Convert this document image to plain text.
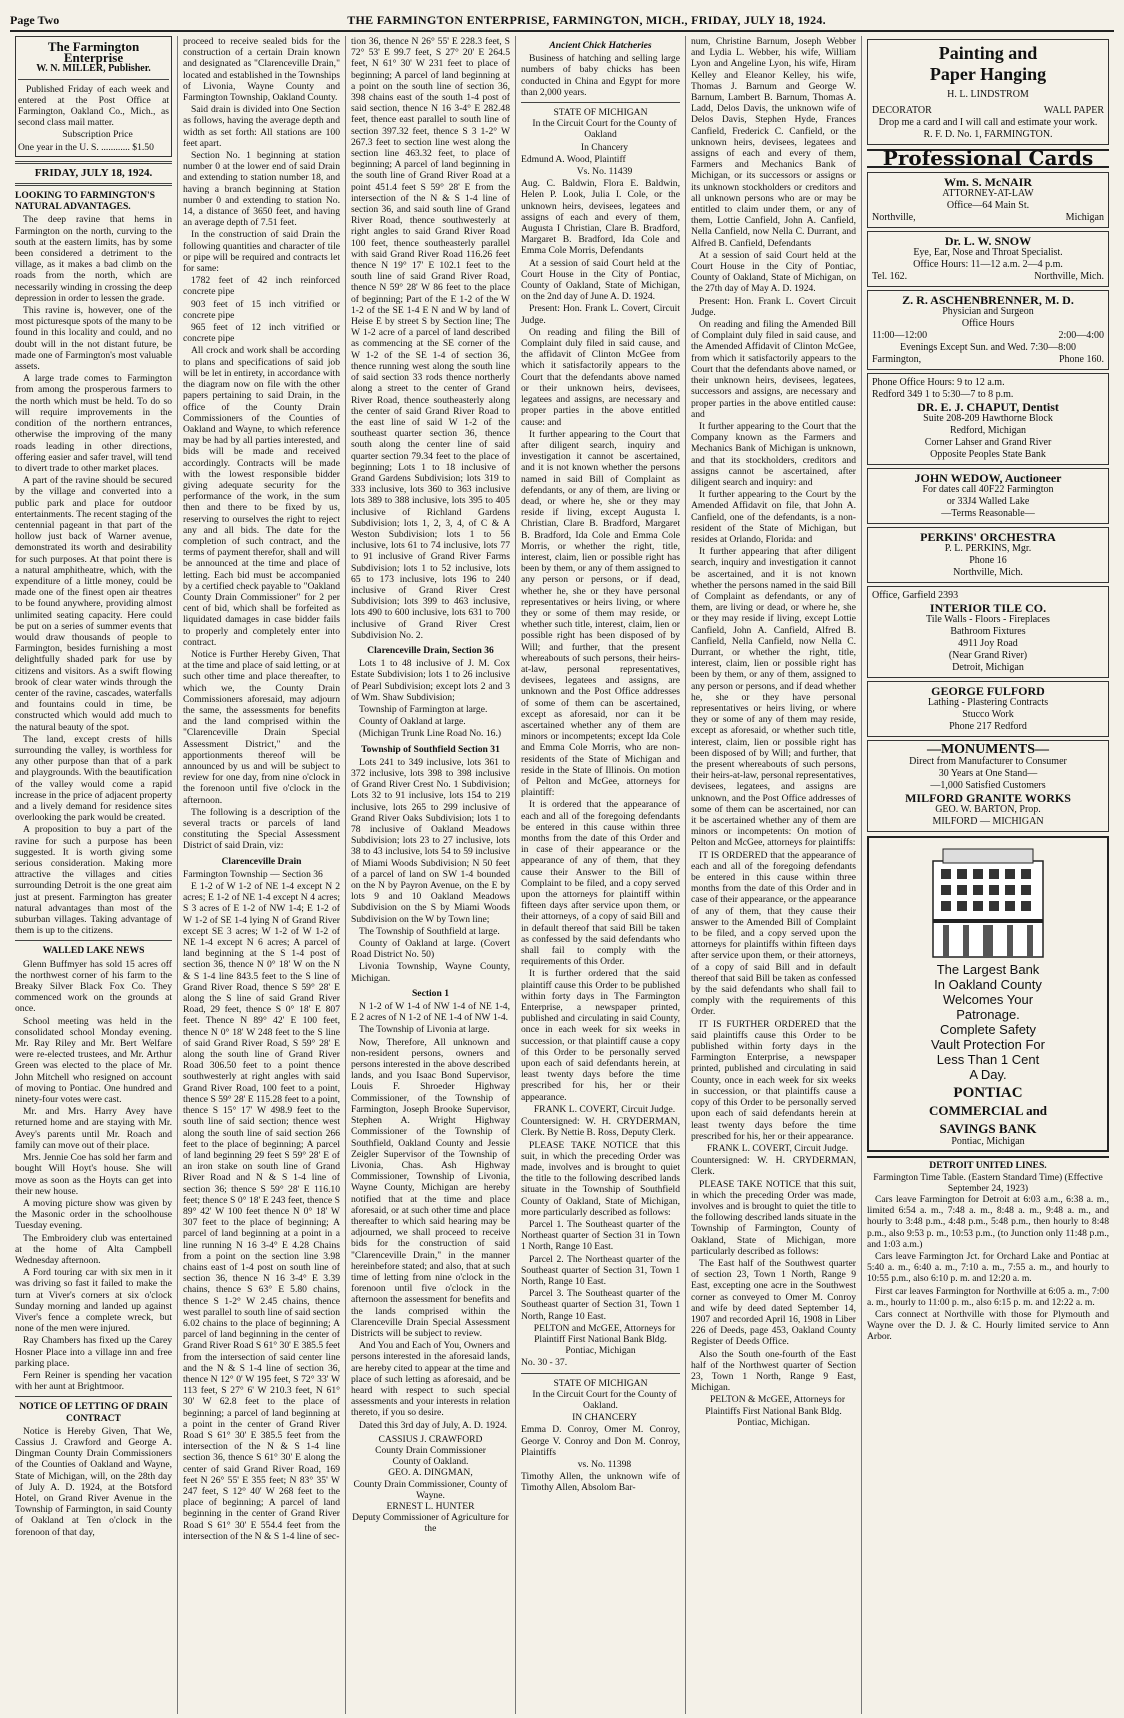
Page Two	THE FARMINGTON ENTERPRISE, FARMINGTON, MICH., FRIDAY, JULY 18, 1924.
The Farmington Enterprise
W. N. MILLER, Publisher.

Published Friday of each week and entered at the Post Office at Farmington, Oakland Co., Mich., as second class mail matter.

Subscription Price

One year in the U. S. ............ $1.50

FRIDAY, JULY 18, 1924.
LOOKING TO FARMINGTON'S NATURAL ADVANTAGES.

The deep ravine that hems in Farmington on the north, curving to the south at the eastern limits, has by some been considered a detriment to the village, as it makes a bad climb on the roads from the north, which are necessarily winding in crossing the deep depression in order to lessen the grade.

This ravine is, however, one of the most picturesque spots of the many to be found in this locality and could, and no doubt will in the not distant future, be made one of Farmington's most valuable assets.

A large trade comes to Farmington from among the prosperous farmers to the north which must be held. To do so will require improvements in the condition of the northern entrances, otherwise the improving of the many roads leading in other directions, offering easier and safer travel, will tend to divert trade to other market places.

A part of the ravine should be secured by the village and converted into a public park and place for outdoor entertainments. The recent staging of the centennial pageant in that part of the hollow just back of Warner avenue, demonstrated its worth and desirability for such purposes. At that point there is a natural amphitheatre, which, with the expenditure of a little money, could be made one of the finest open air theatres to be found anywhere, providing almost unlimited seating capacity. Here could be put on a series of summer events that would draw thousands of people to Farmington, besides furnishing a most delightfully shaded park for use by citizens and visitors. As a swift flowing brook of clear water winds through the center of the ravine, cascades, waterfalls and fountains could in time, be constructed which would add much to the natural beauty of the spot.

The land, except crests of hills surrounding the valley, is worthless for any other purpose than that of a park and playgrounds. With the beautification of the valley would come a rapid increase in the price of adjacent property and a lively demand for residence sites overlooking the park would be created.

A proposition to buy a part of the ravine for such a purpose has been suggested. It is worth giving some serious consideration. Making more attractive the villages and cities surrounding Detroit is the one great aim just at present. Farmington has greater natural advantages than most of the suburban villages. Taking advantage of them is up to the citizens.

WALLED LAKE NEWS

Glenn Buffmyer has sold 15 acres off the northwest corner of his farm to the Breaky Silver Black Fox Co. They commenced work on the grounds at once.

School meeting was held in the consolidated school Monday evening. Mr. Ray Riley and Mr. Bert Welfare were re-elected trustees, and Mr. Arthur Green was elected to the place of Mr. John Mitchell who resigned on account of moving to Pontiac. One hundred and ninety-four votes were cast.

Mr. and Mrs. Harry Avey have returned home and are staying with Mr. Avey's parents until Mr. Roach and family can move out of their place.

Mrs. Jennie Coe has sold her farm and bought Will Hoyt's house. She will move as soon as the Hoyts can get into their new house.

A moving picture show was given by the Masonic order in the schoolhouse Tuesday evening.

The Embroidery club was entertained at the home of Alta Campbell Wednesday afternoon.

A Ford touring car with six men in it was driving so fast it failed to make the turn at Viver's corners at six o'clock Sunday morning and landed up against Viver's fence a complete wreck, but none of the men were injured.

Ray Chambers has fixed up the Carey Hosner Place into a village inn and free parking place.

Fern Reiner is spending her vacation with her aunt at Brightmoor.

NOTICE OF LETTING OF DRAIN CONTRACT

Notice is Hereby Given, That We, Cassius J. Crawford and George A. Dingman County Drain Commissioners of the Counties of Oakland and Wayne, State of Michigan, will, on the 28th day of July A. D. 1924, at the Botsford Hotel, on Grand River Avenue in the Township of Farmington, in said County of Oakland at Ten o'clock in the forenoon of that day,

proceed to receive sealed bids for the construction of a certain Drain known and designated as "Clarenceville Drain," located and established in the Townships of Livonia, Wayne County and Farmington Township, Oakland County.

Said drain is divided into One Section as follows, having the average depth and width as set forth: All stations are 100 feet apart.

Section No. 1 beginning at station number 0 at the lower end of said Drain and extending to station number 18, and having a branch beginning at Station number 0 and extending to station No. 14, a distance of 3650 feet, and having an average depth of 7.51 feet.

In the construction of said Drain the following quantities and character of tile or pipe will be required and contracts let for same:

1782 feet of 42 inch reinforced concrete pipe

903 feet of 15 inch vitrified or concrete pipe

965 feet of 12 inch vitrified or concrete pipe

All crock and work shall be according to plans and specifications of said job will be let in entirety, in accordance with the diagram now on file with the other papers pertaining to said Drain, in the office of the County Drain Commissioners of the Counties of Oakland and Wayne, to which reference may be had by all parties interested, and bids will be made and received accordingly. Contracts will be made with the lowest responsible bidder giving adequate security for the performance of the work, in the sum then and there to be fixed by us, reserving to ourselves the right to reject any and all bids. The date for the completion of such contract, and the terms of payment therefor, shall and will be announced at the time and place of letting. Each bid must be accompanied by a certified check payable to "Oakland County Drain Commissioner" for 2 per cent of bid, which shall be forfeited as liquidated damages in case bidder fails to properly and completely enter into contract.

Notice is Further Hereby Given, That at the time and place of said letting, or at such other time and place thereafter, to which we, the County Drain Commissioners aforesaid, may adjourn the same, the assessments for benefits and the land comprised within the "Clarenceville Drain Special Assessment District," and the apportionments thereof will be announced by us and will be subject to review for one day, from nine o'clock in the forenoon until five o'clock in the afternoon.

The following is a description of the several tracts or parcels of land constituting the Special Assessment District of said Drain, viz:

Clarenceville Drain

Farmington Township — Section 36

E 1-2 of W 1-2 of NE 1-4 except N 2 acres; E 1-2 of NE 1-4 except N 4 acres; S 3 acres of E 1-2 of NW 1-4; E 1-2 of W 1-2 of SE 1-4 lying N of Grand River except SE 3 acres; W 1-2 of W 1-2 of NE 1-4 except N 6 acres; A parcel of land beginning at the S 1-4 post of section 36, thence N 0° 18' W on the N & S 1-4 line 843.5 feet to the S line of Grand River Road, thence S 59° 28' E along the S line of said Grand River Road, 29 feet, thence S 0° 18' E 807 feet. Thence N 89° 42' E 100 feet, thence N 0° 18' W 248 feet to the S line of said Grand River Road, S 59° 28' E along the south line of Grand River Road 306.50 feet to a point thence southwesterly at right angles with said Grand River Road, 100 feet to a point, thence S 59° 28' E 115.28 feet to a point, thence S 15° 17' W 498.9 feet to the south line of said section; thence west along the south line of said section 266 feet to the place of beginning; A parcel of land beginning 29 feet S 59° 28' E of an iron stake on south line of Grand River Road and N & S 1-4 line of section 36; thence S 59° 28' E 116.10 feet; thence S 0° 18' E 243 feet, thence S 89° 42' W 100 feet thence N 0° 18' W 307 feet to the place of beginning; A parcel of land beginning at a point in a line running N 16 3-4° E 4.28 Chains from a point on the section line 3.98 chains east of 1-4 post on south line of section 36, thence N 16 3-4° E 3.39 chains, thence S 63° E 5.80 chains, thence S 1-2° W 2.45 chains, thence west parallel to south line of said section 6.02 chains to the place of beginning; A parcel of land beginning in the center of Grand River Road S 61° 30' E 385.5 feet from the intersection of said center line and the N & S 1-4 line of section 36, thence N 12° 0' W 195 feet, S 72° 33' W 113 feet, S 27° 6' W 210.3 feet, N 61° 30' W 62.8 feet to the place of beginning; a parcel of land beginning at a point in the center of Grand River Road S 61° 30' E 385.5 feet from the intersection of the N & S 1-4 line section 36, thence S 61° 30' E along the center of said Grand River Road, 169 feet N 26° 55' E 355 feet; N 83° 35' W 247 feet, S 12° 40' W 268 feet to the place of beginning; A parcel of land beginning in the center of Grand River Road S 61° 30' E 554.4 feet from the intersection of the N & S 1-4 line of sec-

tion 36, thence N 26° 55' E 228.3 feet, S 72° 53' E 99.7 feet, S 27° 20' E 264.5 feet, N 61° 30' W 231 feet to place of beginning; A parcel of land beginning at a point on the south line of section 36, 398 chains east of the south 1-4 post of said section, thence N 16 3-4° E 282.48 feet, thence east parallel to south line of section 397.32 feet, thence S 3 1-2° W 267.3 feet to section line west along the section line 463.32 feet, to place of beginning; A parcel of land beginning in the south line of Grand River Road at a point 451.4 feet S 59° 28' E from the intersection of the N & S 1-4 line of section 36, and said south line of Grand River Road, thence southwesterly at right angles to said Grand River Road 100 feet, thence southeasterly parallel with said Grand River Road 116.26 feet thence N 19° 17' E 102.1 feet to the south line of said Grand River Road, thence N 59° 28' W 86 feet to the place of beginning; Part of the E 1-2 of the W 1-2 of the SE 1-4 E N and W by land of Heise E by street S by Section line; The W 1-2 acre of a parcel of land described as commencing at the SE corner of the W 1-2 of the SE 1-4 of section 36, thence running west along the south line of said section 33 rods thence northerly along a street to the center of Grand River Road, thence southeasterly along the center of said Grand River Road to the east line of said W 1-2 of the southeast quarter section 36, thence south along the center line of said quarter section 79.34 feet to the place of beginning; Lots 1 to 18 inclusive of Grand Gardens Subdivision; lots 319 to 333 inclusive, lots 360 to 363 inclusive lots 389 to 388 inclusive, lots 395 to 405 inclusive of Richland Gardens Subdivision; lots 1, 2, 3, 4, of C & A Weston Subdivision; lots 1 to 56 inclusive, lots 61 to 74 inclusive, lots 77 to 91 inclusive of Grand River Farms Subdivision; lots 1 to 52 inclusive, lots 65 to 173 inclusive, lots 196 to 240 inclusive of Grand River Crest Subdivision; lots 399 to 463 inclusive, lots 490 to 600 inclusive, lots 631 to 700 inclusive of Grand River Crest Subdivision No. 2.

Clarenceville Drain, Section 36

Lots 1 to 48 inclusive of J. M. Cox Estate Subdivision; lots 1 to 26 inclusive of Pearl Subdivision; except lots 2 and 3 of Wm. Shaw Subdivision;

Township of Farmington at large.

County of Oakland at large.

(Michigan Trunk Line Road No. 16.)

Township of Southfield Section 31

Lots 241 to 349 inclusive, lots 361 to 372 inclusive, lots 398 to 398 inclusive of Grand River Crest No. 1 Subdivision; Lots 32 to 91 inclusive, lots 154 to 219 inclusive, lots 265 to 299 inclusive of Grand River Oaks Subdivision; lots 1 to 78 inclusive of Oakland Meadows Subdivision; lots 23 to 27 inclusive, lots 38 to 43 inclusive, lots 54 to 59 inclusive of Miami Woods Subdivision; N 50 feet of a parcel of land on SW 1-4 bounded on the N by Payron Avenue, on the E by lots 9 and 10 Oakland Meadows Subdivision on the S by Miami Woods Subdivision on the W by Town line;

The Township of Southfield at large.

County of Oakland at large. (Covert Road District No. 50)

Livonia Township, Wayne County, Michigan.

Section 1

N 1-2 of W 1-4 of NW 1-4 of NE 1-4, E 2 acres of N 1-2 of NE 1-4 of NW 1-4.

The Township of Livonia at large.

Now, Therefore, All unknown and non-resident persons, owners and persons interested in the above described lands, and you Isaac Bond Supervisor, Louis F. Shroeder Highway Commissioner, of the Township of Farmington, Joseph Brooke Supervisor, Stephen A. Wright Highway Commissioner of the Township of Southfield, Oakland County and Jessie Zeigler Supervisor of the Township of Livonia, Chas. Ash Highway Commissioner, Township of Livonia, Wayne County, Michigan are hereby notified that at the time and place aforesaid, or at such other time and place thereafter to which said hearing may be adjourned, we shall proceed to receive bids for the construction of said "Clarenceville Drain," in the manner hereinbefore stated; and also, that at such time of letting from nine o'clock in the forenoon until five o'clock in the afternoon the assessment for benefits and the lands comprised within the Clarenceville Drain Special Assessment Districts will be subject to review.

And You and Each of You, Owners and persons interested in the aforesaid lands, are hereby cited to appear at the time and place of such letting as aforesaid, and be heard with respect to such special assessments and your interests in relation thereto, if you so desire.

Dated this 3rd day of July, A. D. 1924.

CASSIUS J. CRAWFORD
County Drain Commissioner
County of Oakland.
GEO. A. DINGMAN,
County Drain Commissioner, County of Wayne.
ERNEST L. HUNTER
Deputy Commissioner of Agriculture for the
Ancient Chick Hatcheries

Business of hatching and selling large numbers of baby chicks has been conducted in China and Egypt for more than 2,000 years.

STATE OF MICHIGAN

In the Circuit Court for the County of Oakland

In Chancery

Edmund A. Wood, Plaintiff

Vs. No. 11439

Aug. C. Baldwin, Flora E. Baldwin, Helen P. Look, Julia I. Cole, or the unknown heirs, devisees, legatees and assigns of each and every of them, Augusta I Christian, Clare B. Bradford, Margaret B. Bradford, Ida Cole and Emma Cole Morris, Defendants

At a session of said Court held at the Court House in the City of Pontiac, County of Oakland, State of Michigan, on the 2nd day of June A. D. 1924.

Present: Hon. Frank L. Covert, Circuit Judge.

On reading and filing the Bill of Complaint duly filed in said cause, and the affidavit of Clinton McGee from which it satisfactorily appears to the Court that the defendants above named or their unknown heirs, devisees, legatees and assigns, are necessary and proper parties in the above entitled cause: and

It further appearing to the Court that after diligent search, inquiry and investigation it cannot be ascertained, and it is not known whether the persons named in said Bill of Complaint as defendants, or any of them, are living or dead, or where he, she or they may reside if living, except Augusta I. Christian, Clare B. Bradford, Margaret B. Bradford, Ida Cole and Emma Cole Morris, or whether the right, title, interest, claim, lien or possible right has been by them, or any of them assigned to any person or persons, or if dead, whether he, she or they have personal representatives or heirs living, or where they or some of them may reside, or whether such title, interest, claim, lien or possible right has been disposed of by Will; and further, that the present whereabouts of such persons, their heirs-at-law, personal representatives, devisees, legatees and assigns, are unknown and the Post Office addresses of some of them can be ascertained, except as aforesaid, nor can it be ascertained whether any of them are minors or incompetents; except Ida Cole and Emma Cole Morris, who are non-residents of the State of Michigan and reside in the State of Illinois. On motion of Pelton and McGee, attorneys for plaintiff:

It is ordered that the appearance of each and all of the foregoing defendants be entered in this cause within three months from the date of this Order and in case of their appearance or the appearance of any of them, that they cause their Answer to the Bill of Complaint to be filed, and a copy served upon the attorneys for plaintiff within fifteen days after service upon them, or their attorneys, of a copy of said Bill and in default thereof that said Bill be taken as confessed by the said defendants who shall fail to comply with the requirements of this Order.

It is further ordered that the said plaintiff cause this Order to be published within forty days in The Farmington Enterprise, a newspaper printed, published and circulating in said County, once in each week for six weeks in succession, or that plaintiff cause a copy of this Order to be personally served upon each of said defendants herein, at least twenty days before the time prescribed for his, her or their appearance.

FRANK L. COVERT, Circuit Judge.

Countersigned: W. H. CRYDERMAN, Clerk. By Nettie B. Ross, Deputy Clerk.

PLEASE TAKE NOTICE that this suit, in which the preceding Order was made, involves and is brought to quiet the title to the following described lands situate in the Township of Southfield County of Oakland, State of Michigan, more particularly described as follows:

Parcel 1. The Southeast quarter of the Northeast quarter of Section 31 in Town 1 North, Range 10 East.

Parcel 2. The Northeast quarter of the Southeast quarter of Section 31, Town 1 North, Range 10 East.

Parcel 3. The Southeast quarter of the Southeast quarter of Section 31, Town 1 North, Range 10 East.

PELTON and McGEE, Attorneys for Plaintiff First National Bank Bldg. Pontiac, Michigan

No. 30 - 37.

STATE OF MICHIGAN

In the Circuit Court for the County of Oakland.

IN CHANCERY

Emma D. Conroy, Omer M. Conroy, George V. Conroy and Don M. Conroy, Plaintiffs

vs. No. 11398

Timothy Allen, the unknown wife of Timothy Allen, Absolom Bar-

num, Christine Barnum, Joseph Webber and Lydia L. Webber, his wife, William Lyon and Angeline Lyon, his wife, Hiram Kelley and Eleanor Kelley, his wife, Thomas J. Barnum and George W. Barnum, Lambert B. Barnum, Thomas A. Ladd, Delos Davis, the unknown wife of Delos Davis, Stephen Hyde, Frances Canfield, Frederick C. Canfield, or the unknown heirs, devisees, legatees and assigns of each and every of them, Farmers and Mechanics Bank of Michigan, or its successors or assigns or its unknown stockholders or creditors and all unknown persons who are or may be entitled to claim under them, or any of them, Lottie Canfield, John A. Canfield, Nella Canfield, now Nella C. Durrant, and Alfred B. Canfield, Defendants

At a session of said Court held at the Court House in the City of Pontiac, County of Oakland, State of Michigan, on the 27th day of May A. D. 1924.

Present: Hon. Frank L. Covert Circuit Judge.

On reading and filing the Amended Bill of Complaint duly filed in said cause, and the Amended Affidavit of Clinton McGee, from which it satisfactorily appears to the Court that the defendants above named, or their unknown heirs, devisees, legatees, successors and assigns, are necessary and proper parties in the above entitled cause: and

It further appearing to the Court that the Company known as the Farmers and Mechanics Bank of Michigan is unknown, and that its stockholders, creditors and assigns cannot be ascertained, after diligent search and inquiry: and

It further appearing to the Court by the Amended Affidavit on file, that John A. Canfield, one of the defendants, is a non-resident of the State of Michigan, but resides at Orlando, Florida: and

It further appearing that after diligent search, inquiry and investigation it cannot be ascertained, and it is not known whether the persons named in the said Bill of Complaint as defendants, or any of them, are living or dead, or where he, she or they may reside if living, except Lottie Canfield, John A. Canfield, Alfred B. Canfield, Nella Canfield, now Nella C. Durrant, or whether the right, title, interest, claim, lien or possible right has been by them, or any of them, assigned to any person or persons, and if dead whether he, she or they have personal representatives or heirs living, or where they or some of any of them may reside, except as aforesaid, or whether such title, interest, claim, lien or possible right has been disposed of by Will; and further, that the present whereabouts of such persons, their heirs-at-law, personal representatives, devisees, legatees, and assigns are unknown, and the Post Office addresses of some of them can be ascertained, nor can it be ascertained whether any of them are minors or incompetents: On motion of Pelton and McGee, attorneys for plaintiffs:

IT IS ORDERED that the appearance of each and all of the foregoing defendants be entered in this cause within three months from the date of this Order and in case of their appearance, or the appearance of any of them, that they cause their answer to the Amended Bill of Complaint to be filed, and a copy served upon the attorneys for plaintiffs within fifteen days after service upon them, or their attorneys, of a copy of said Bill and in default thereof that said Bill be taken as confessed by the said defendants who shall fail to comply with the requirements of this Order.

IT IS FURTHER ORDERED that the said plaintiffs cause this Order to be published within forty days in the Farmington Enterprise, a newspaper printed, published and circulating in said County, once in each week for six weeks in succession, or that plaintiffs cause a copy of this Order to be personally served upon each of said defendants herein at least twenty days before the time prescribed for his, her or their appearance.

FRANK L. COVERT, Circuit Judge.

Countersigned: W. H. CRYDERMAN, Clerk.

PLEASE TAKE NOTICE that this suit, in which the preceding Order was made, involves and is brought to quiet the title to the following described lands situate in the Township of Farmington, County of Oakland, State of Michigan, more particularly described as follows:

The East half of the Southwest quarter of section 23, Town 1 North, Range 9 East, excepting one acre in the Southwest corner as conveyed to Omer M. Conroy and wife by deed dated September 14, 1907 and recorded April 16, 1908 in Liber 226 of Deeds, page 453, Oakland County Register of Deeds Office.

Also the South one-fourth of the East half of the Northwest quarter of Section 23, Town 1 North, Range 9 East, Michigan.

PELTON & McGEE, Attorneys for Plaintiffs First National Bank Bldg. Pontiac, Michigan.

Painting and
Paper Hanging
H. L. LINDSTROM
DECORATOR	WALL PAPER
Drop me a card and I will call and estimate your work.
R. F. D. No. 1, FARMINGTON.
Professional Cards
Wm. S. McNAIR
ATTORNEY-AT-LAW
Office—64 Main St.
Northville,	Michigan
Dr. L. W. SNOW
Eye, Ear, Nose and Throat Specialist.
Office Hours: 11—12 a.m. 2—4 p.m.
Tel. 162.	Northville, Mich.
Z. R. ASCHENBRENNER, M. D.
Physician and Surgeon
Office Hours
11:00—12:00	2:00—4:00
Evenings Except Sun. and Wed. 7:30—8:00
Farmington,	Phone 160.
Phone Office Hours: 9 to 12 a.m.
Redford 349 1 to 5:30—7 to 8 p.m.
DR. E. J. CHAPUT, Dentist
Suite 208-209 Hawthorne Block
Redford, Michigan
Corner Lahser and Grand River
Opposite Peoples State Bank
JOHN WEDOW, Auctioneer
For dates call 40F22 Farmington
or 33J4 Walled Lake
—Terms Reasonable—
PERKINS' ORCHESTRA
P. L. PERKINS, Mgr.
Phone 16
Northville, Mich.
Office, Garfield 2393
INTERIOR TILE CO.
Tile Walls - Floors - Fireplaces
Bathroom Fixtures
4911 Joy Road
(Near Grand River)
Detroit, Michigan
GEORGE FULFORD
Lathing - Plastering Contracts
Stucco Work
Phone 217 Redford
—MONUMENTS—
Direct from Manufacturer to Consumer
30 Years at One Stand—
—1,000 Satisfied Customers
MILFORD GRANITE WORKS
GEO. W. BARTON, Prop.
MILFORD — MICHIGAN
The Largest Bank
In Oakland County
Welcomes Your
Patronage.
Complete Safety
Vault Protection For
Less Than 1 Cent
A Day.
PONTIAC
COMMERCIAL and
SAVINGS BANK
Pontiac, Michigan
DETROIT UNITED LINES.
Farmington Time Table. (Eastern Standard Time) (Effective September 24, 1923)

Cars leave Farmington for Detroit at 6:03 a.m., 6:38 a. m., limited 6:54 a. m., 7:48 a. m., 8:48 a. m., 9:48 a. m., and hourly to 3:48 p.m., 4:48 p.m., 5:48 p.m., then hourly to 8:48 p.m., also 9:53 p. m., 10:53 p.m., (to Junction only 11:48 p.m., and 1:03 a.m.)

Cars leave Farmington Jct. for Orchard Lake and Pontiac at 5:40 a. m., 6:40 a. m., 7:10 a. m., 7:55 a. m., and hourly to 10:55 p.m., also 6:10 p. m. and 12:20 a. m.

First car leaves Farmington for Northville at 6:05 a. m., 7:00 a. m., hourly to 11:00 p. m., also 6:15 p. m. and 12:22 a. m.

Cars connect at Northville with those for Plymouth and Wayne over the D. J. & C. Hourly limited service to Ann Arbor.
